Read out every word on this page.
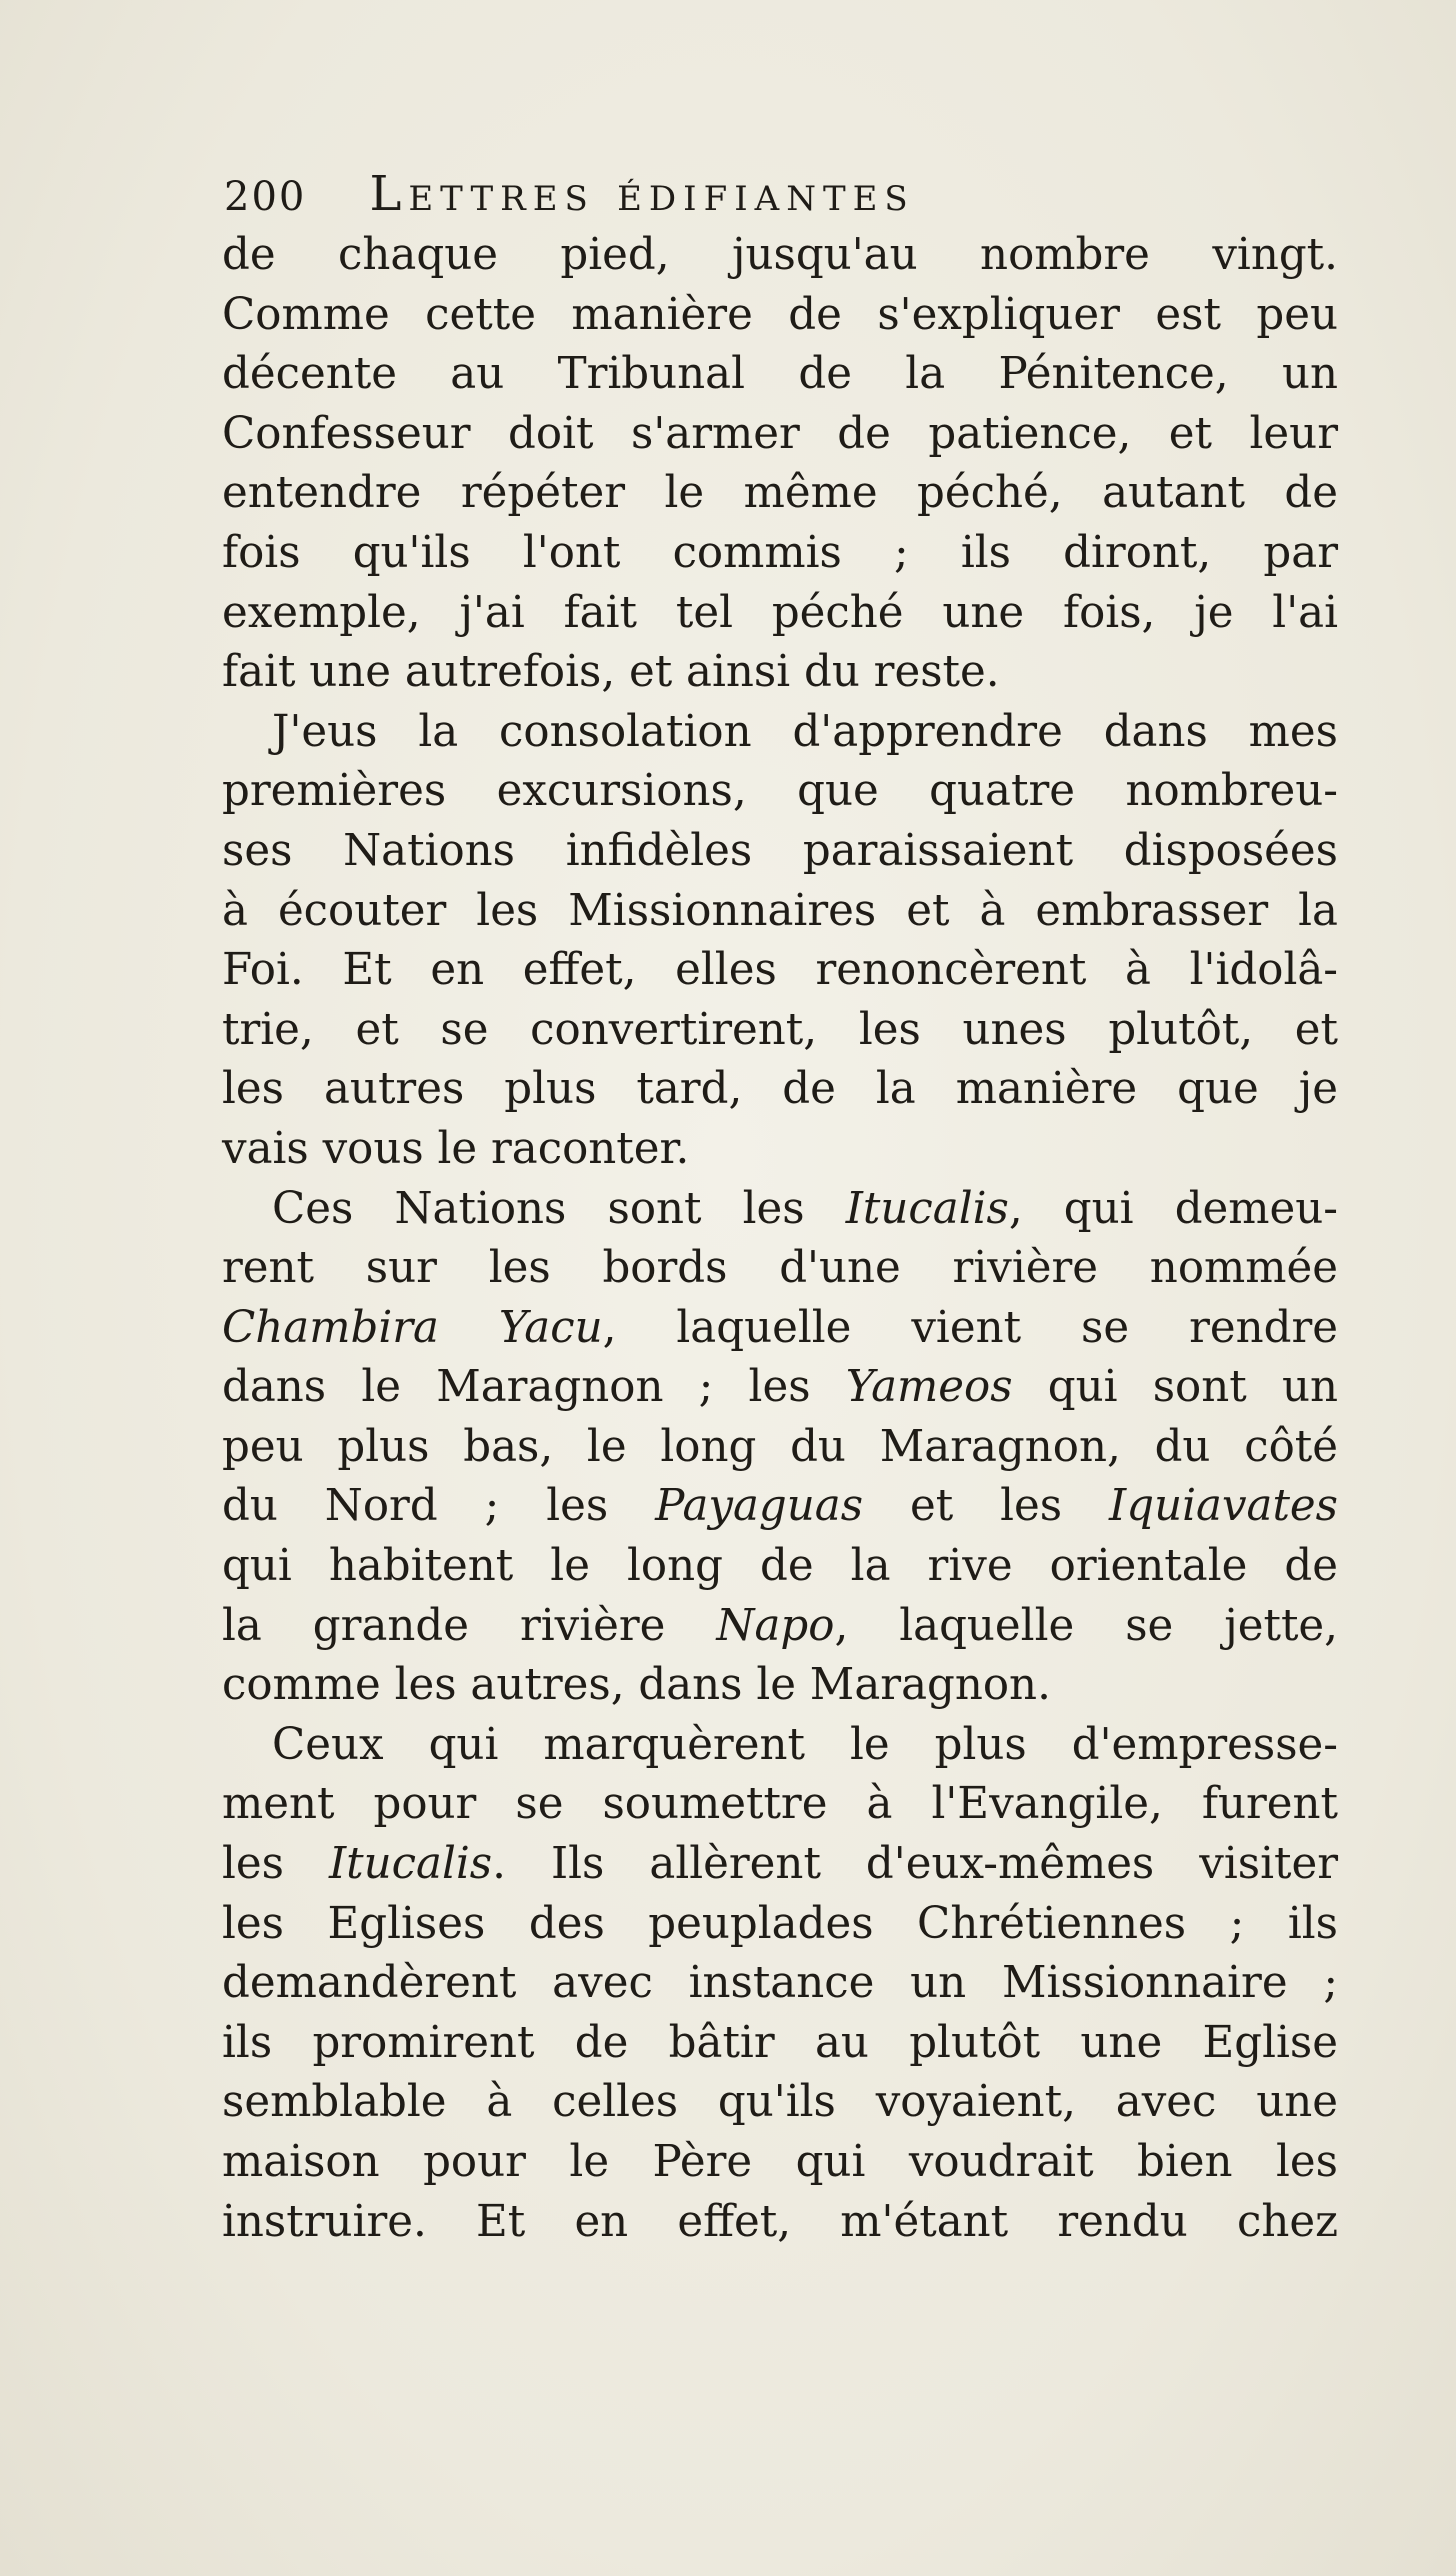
200 Lettres édifiantes
de chaque pied, jusqu'au nombre vingt.
Comme cette manière de s'expliquer est peu
décente au Tribunal de la Pénitence, un
Confesseur doit s'armer de patience, et leur
entendre répéter le même péché, autant de
fois qu'ils l'ont commis ; ils diront, par
exemple, j'ai fait tel péché une fois, je l'ai
fait une autrefois, et ainsi du reste.
J'eus la consolation d'apprendre dans mes
premières excursions, que quatre nombreu-
ses Nations infidèles paraissaient disposées
à écouter les Missionnaires et à embrasser la
Foi. Et en effet, elles renoncèrent à l'idolâ-
trie, et se convertirent, les unes plutôt, et
les autres plus tard, de la manière que je
vais vous le raconter.
Ces Nations sont les Itucalis, qui demeu-
rent sur les bords d'une rivière nommée
Chambira Yacu, laquelle vient se rendre
dans le Maragnon ; les Yameos qui sont un
peu plus bas, le long du Maragnon, du côté
du Nord ; les Payaguas et les Iquiavates
qui habitent le long de la rive orientale de
la grande rivière Napo, laquelle se jette,
comme les autres, dans le Maragnon.
Ceux qui marquèrent le plus d'empresse-
ment pour se soumettre à l'Evangile, furent
les Itucalis. Ils allèrent d'eux-mêmes visiter
les Eglises des peuplades Chrétiennes ; ils
demandèrent avec instance un Missionnaire ;
ils promirent de bâtir au plutôt une Eglise
semblable à celles qu'ils voyaient, avec une
maison pour le Père qui voudrait bien les
instruire. Et en effet, m'étant rendu chez
